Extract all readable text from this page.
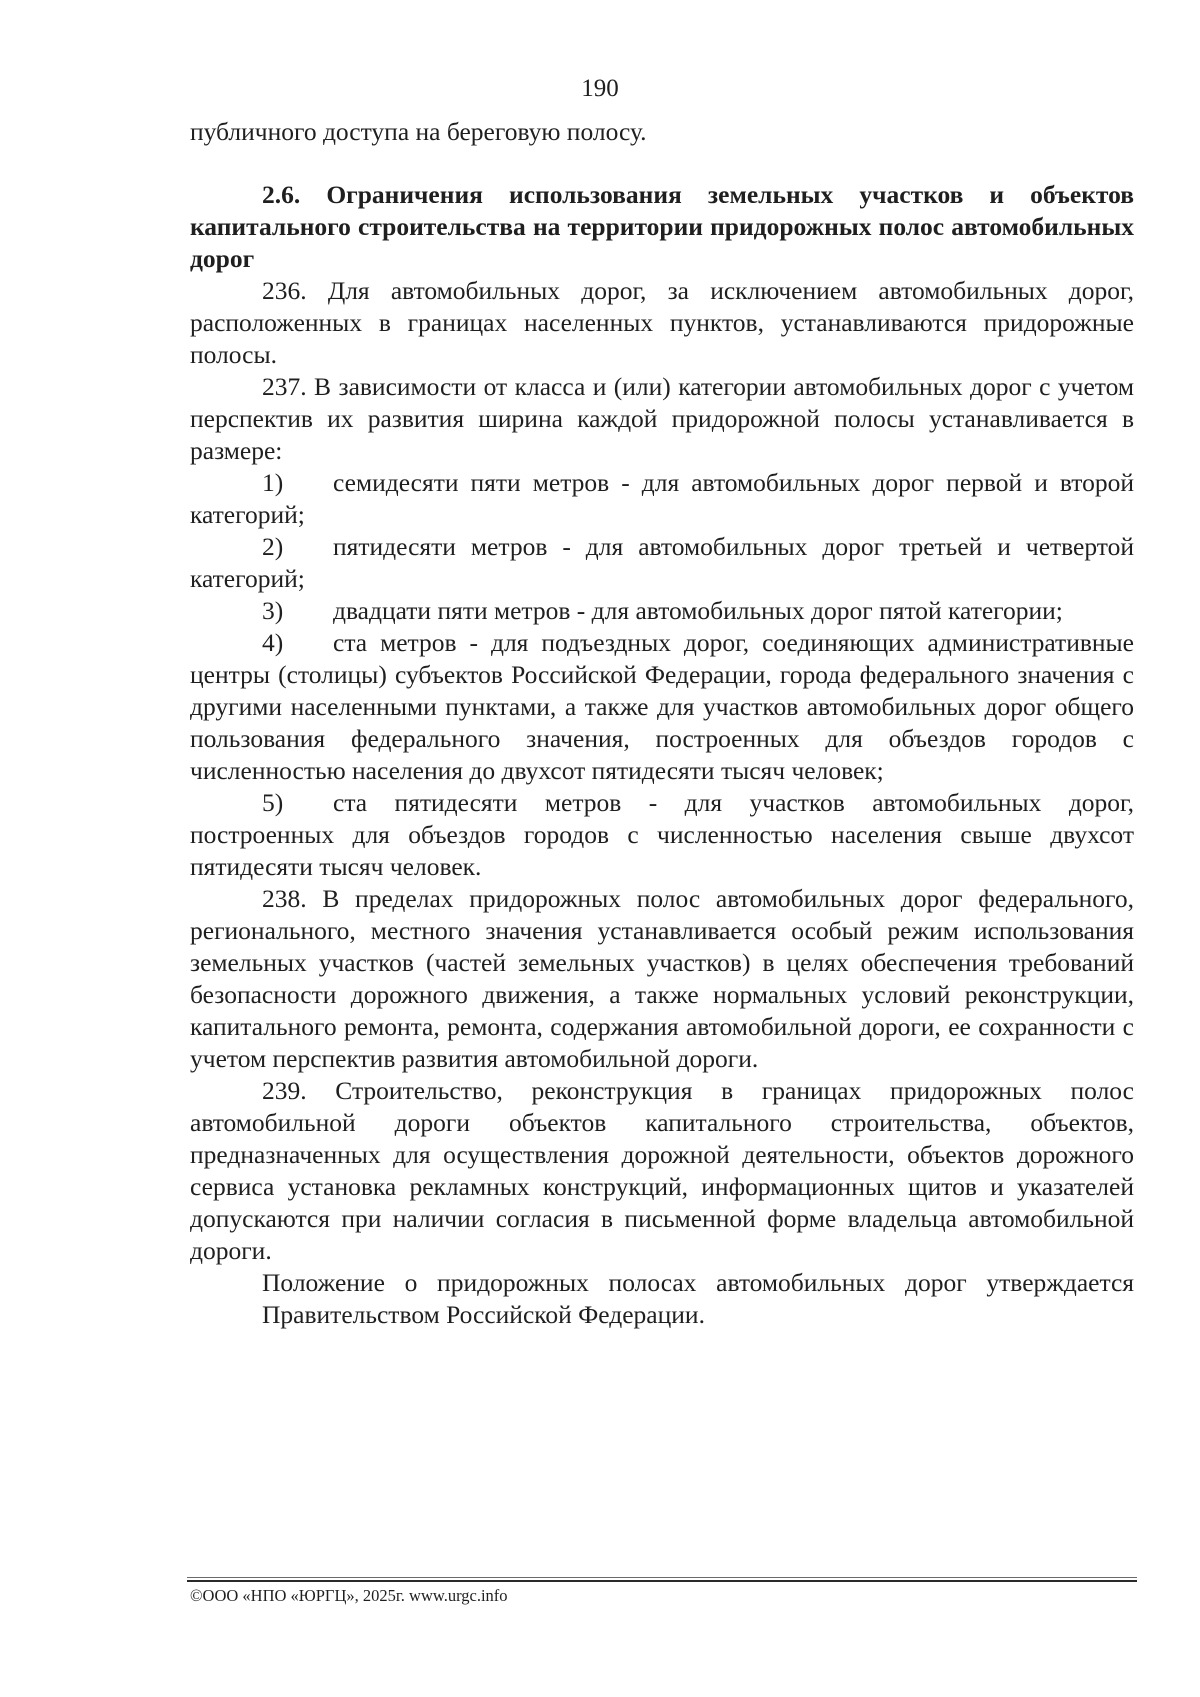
190

публичного доступа на береговую полосу.

2.6. Ограничения использования земельных участков и объектов капитального строительства на территории придорожных полос автомобильных дорог

236. Для автомобильных дорог, за исключением автомобильных дорог, расположенных в границах населенных пунктов, устанавливаются придорожные полосы.

237. В зависимости от класса и (или) категории автомобильных дорог с учетом перспектив их развития ширина каждой придорожной полосы устанавливается в размере:

1) семидесяти пяти метров - для автомобильных дорог первой и второй категорий;

2) пятидесяти метров - для автомобильных дорог третьей и четвертой категорий;

3) двадцати пяти метров - для автомобильных дорог пятой категории;

4) ста метров - для подъездных дорог, соединяющих административные центры (столицы) субъектов Российской Федерации, города федерального значения с другими населенными пунктами, а также для участков автомобильных дорог общего пользования федерального значения, построенных для объездов городов с численностью населения до двухсот пятидесяти тысяч человек;

5) ста пятидесяти метров - для участков автомобильных дорог, построенных для объездов городов с численностью населения свыше двухсот пятидесяти тысяч человек.

238. В пределах придорожных полос автомобильных дорог федерального, регионального, местного значения устанавливается особый режим использования земельных участков (частей земельных участков) в целях обеспечения требований безопасности дорожного движения, а также нормальных условий реконструкции, капитального ремонта, ремонта, содержания автомобильной дороги, ее сохранности с учетом перспектив развития автомобильной дороги.

239. Строительство, реконструкция в границах придорожных полос автомобильной дороги объектов капитального строительства, объектов, предназначенных для осуществления дорожной деятельности, объектов дорожного сервиса установка рекламных конструкций, информационных щитов и указателей допускаются при наличии согласия в письменной форме владельца автомобильной дороги.

Положение о придорожных полосах автомобильных дорог утверждается Правительством Российской Федерации.

©ООО «НПО «ЮРГЦ», 2025г. www.urgc.info
